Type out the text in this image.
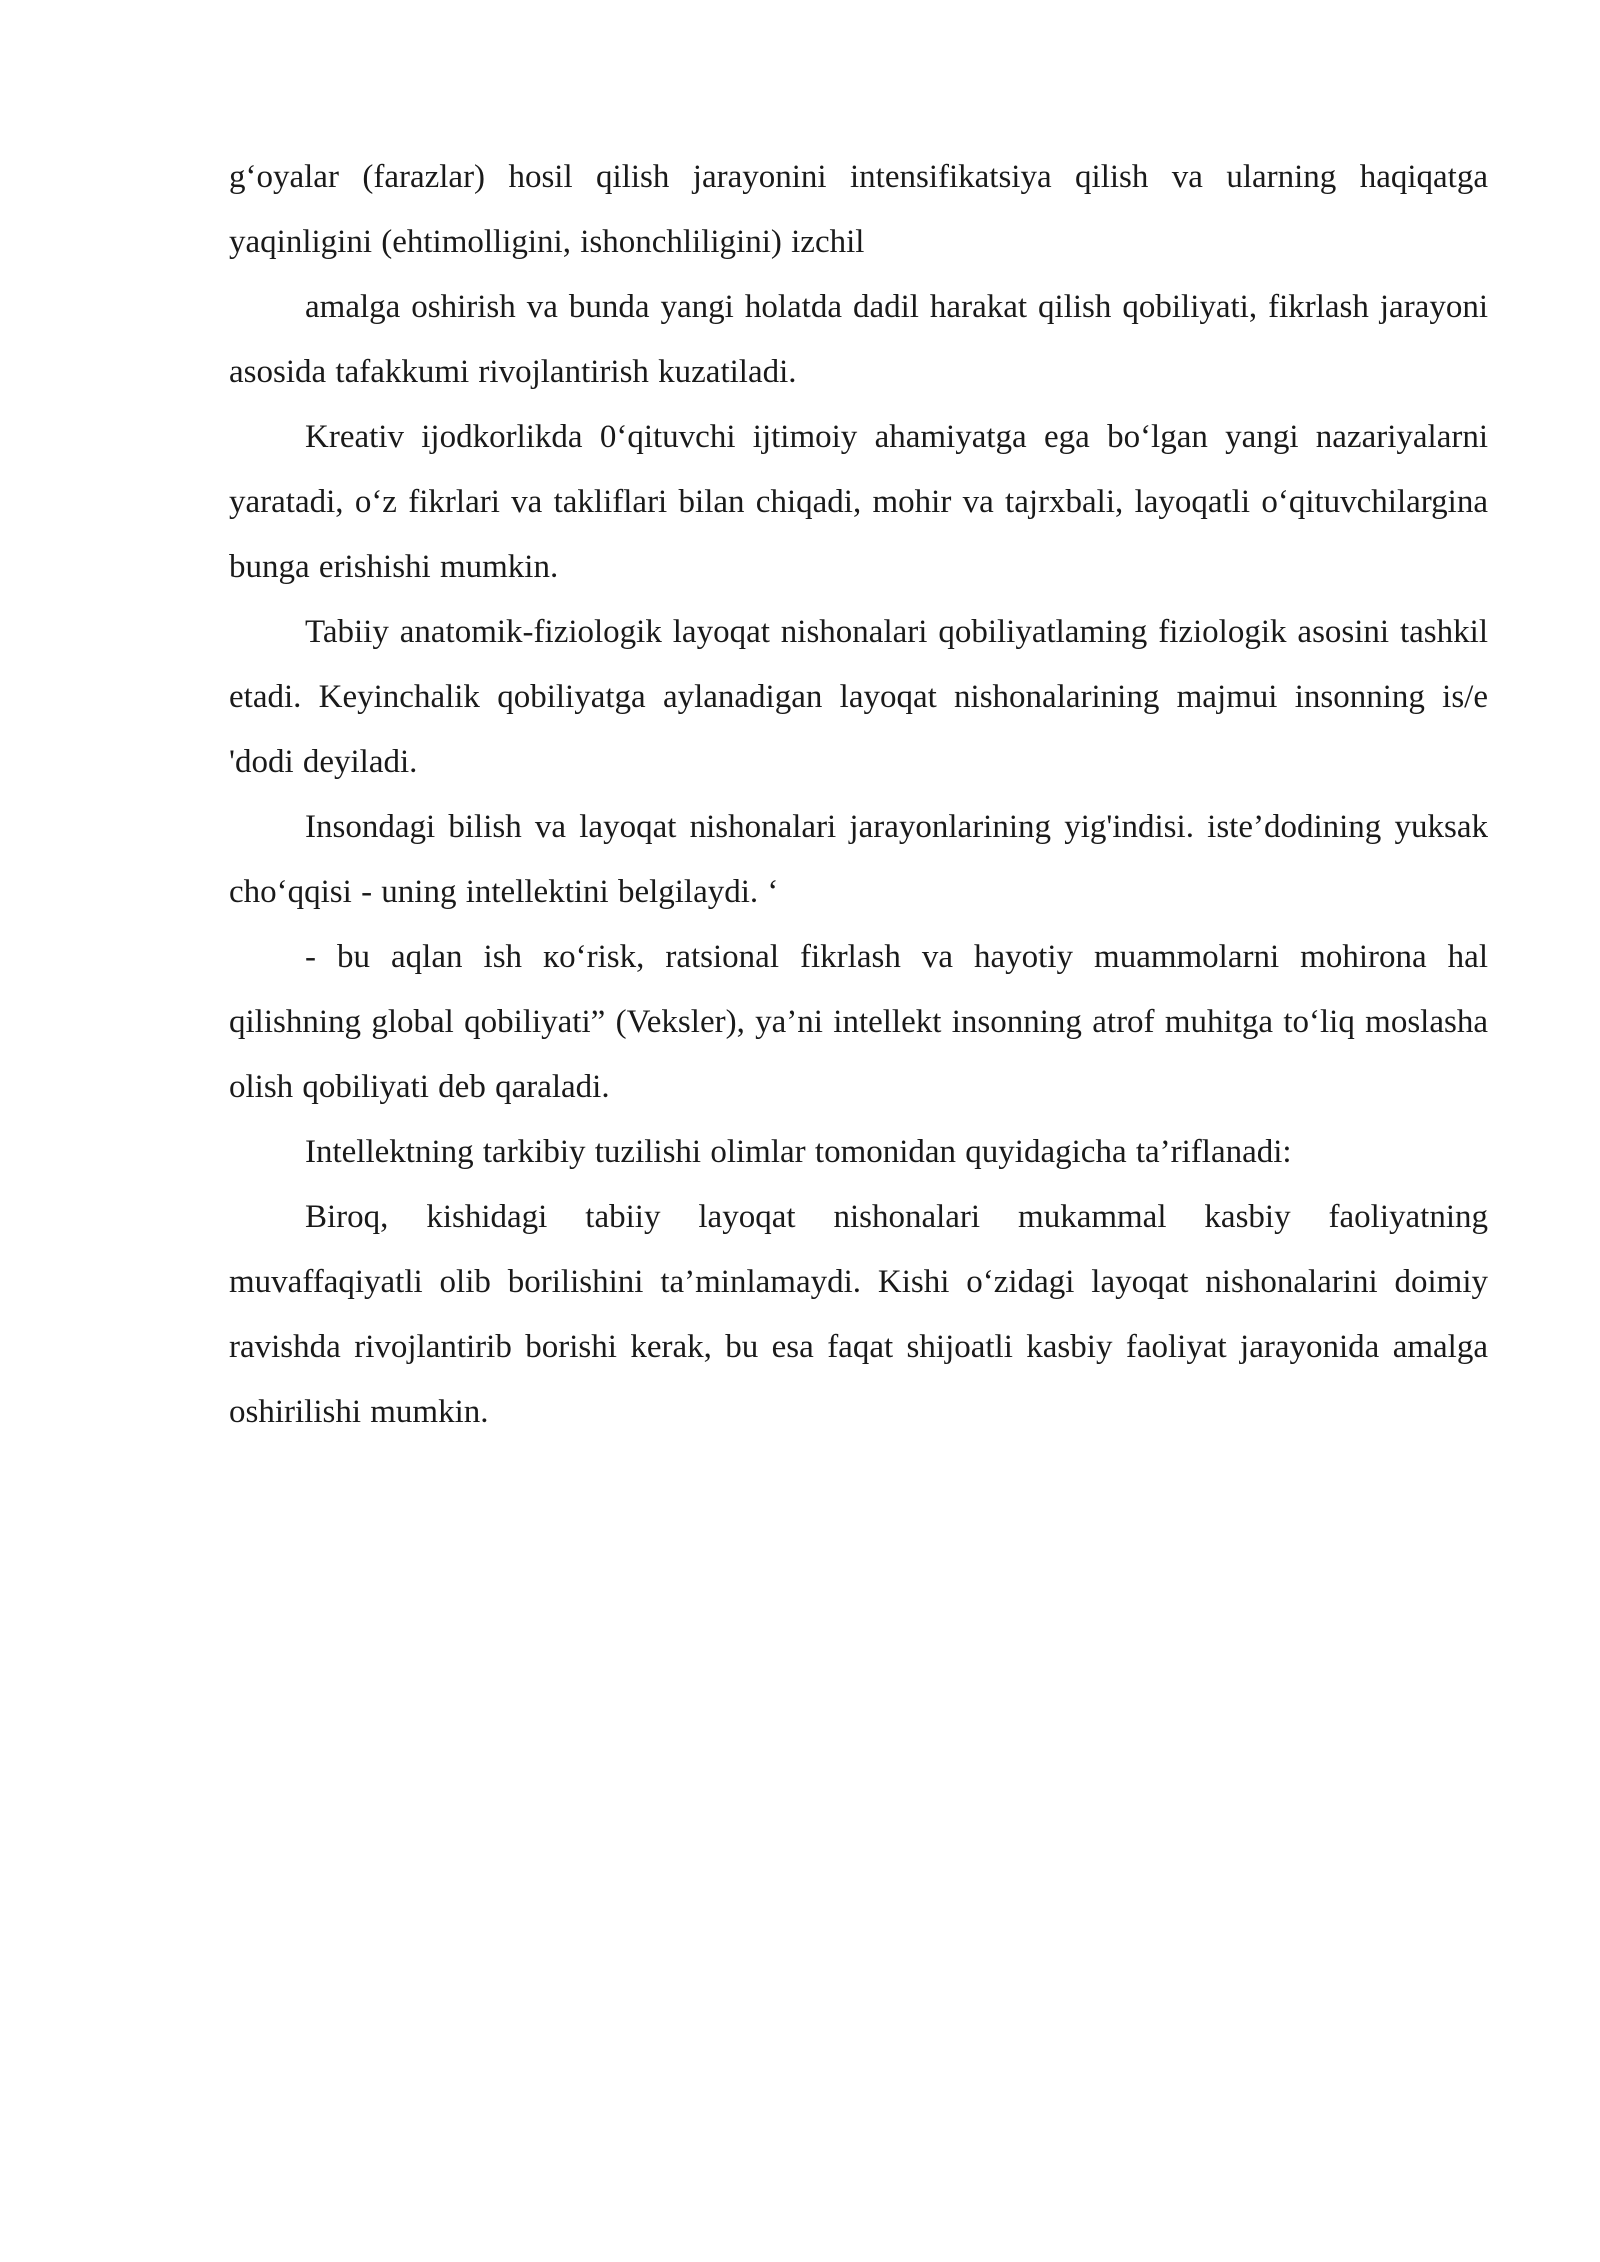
g‘oyalar (farazlar) hosil qilish jarayonini intensifikatsiya qilish va ularning haqiqatga yaqinligini (ehtimolligini, ishonchliligini) izchil

amalga oshirish va bunda yangi holatda dadil harakat qilish qobiliyati, fikrlash jarayoni asosida tafakkumi rivojlantirish kuzatiladi.

Kreativ ijodkorlikda 0‘qituvchi ijtimoiy ahamiyatga ega bo‘lgan yangi nazariyalarni yaratadi, o‘z fikrlari va takliflari bilan chiqadi, mohir va tajrxbali, layoqatli o‘qituvchilargina bunga erishishi mumkin.

Tabiiy anatomik-fiziologik layoqat nishonalari qobiliyatlaming fiziologik asosini tashkil etadi. Keyinchalik qobiliyatga aylanadigan layoqat nishonalarining majmui insonning is/e 'dodi deyiladi.

Insondagi bilish va layoqat nishonalari jarayonlarining yig'indisi. iste’dodining yuksak cho‘qqisi - uning intellektini belgilaydi. ‘

- bu aqlan ish кo‘risk, ratsional fikrlash va hayotiy muammolarni mohirona hal qilishning global qobiliyati” (Veksler), ya’ni intellekt insonning atrof muhitga to‘liq moslasha olish qobiliyati deb qaraladi.

Intellektning tarkibiy tuzilishi olimlar tomonidan quyidagicha ta’riflanadi:

Biroq, kishidagi tabiiy layoqat nishonalari mukammal kasbiy faoliyatning muvaffaqiyatli olib borilishini ta’minlamaydi. Kishi o‘zidagi layoqat nishonalarini doimiy ravishda rivojlantirib borishi kerak, bu esa faqat shijoatli kasbiy faoliyat jarayonida amalga oshirilishi mumkin.
